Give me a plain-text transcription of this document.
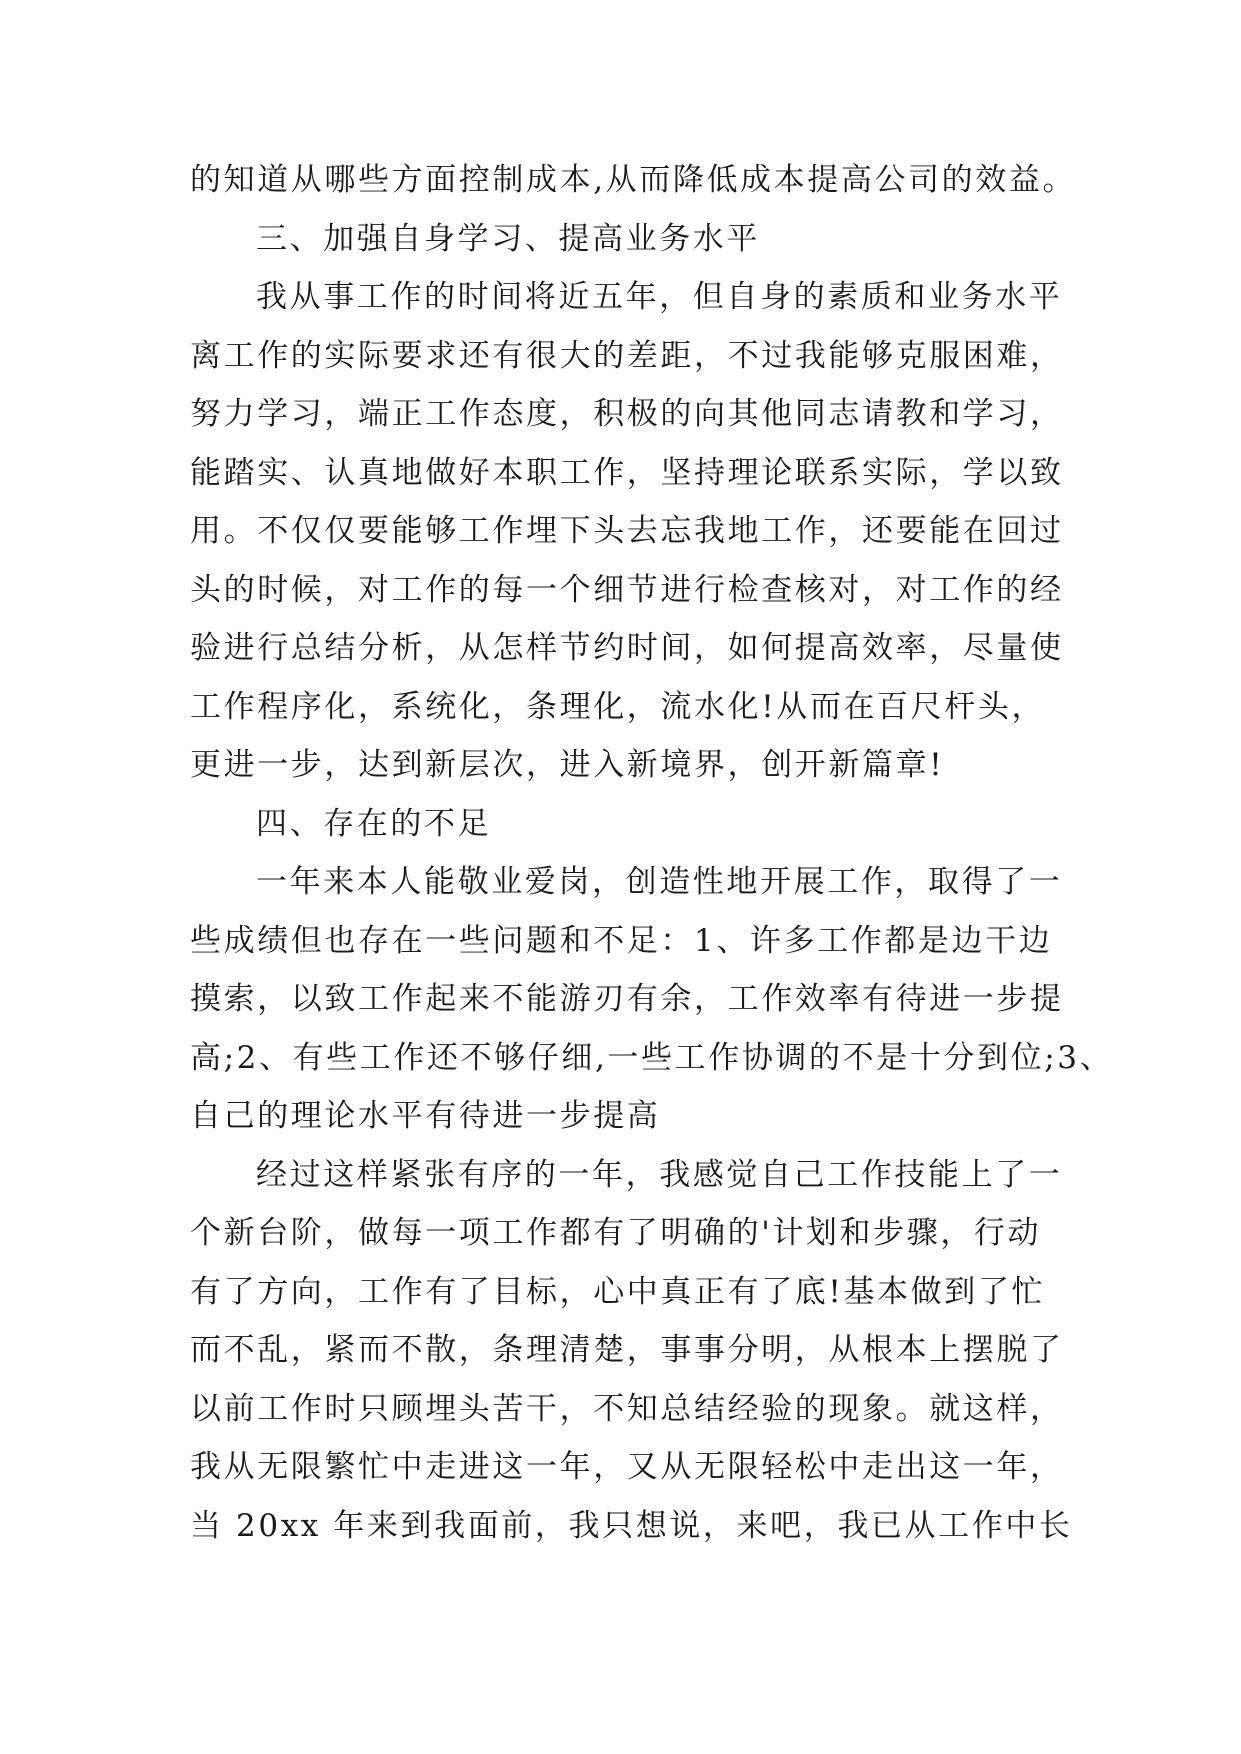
的知道从哪些方面控制成本,从而降低成本提高公司的效益。
三、加强自身学习、提高业务水平
我从事工作的时间将近五年，但自身的素质和业务水平
离工作的实际要求还有很大的差距，不过我能够克服困难，
努力学习，端正工作态度，积极的向其他同志请教和学习，
能踏实、认真地做好本职工作，坚持理论联系实际，学以致
用。不仅仅要能够工作埋下头去忘我地工作，还要能在回过
头的时候，对工作的每一个细节进行检查核对，对工作的经
验进行总结分析，从怎样节约时间，如何提高效率，尽量使
工作程序化，系统化，条理化，流水化!从而在百尺杆头，
更进一步，达到新层次，进入新境界，创开新篇章!
四、存在的不足
一年来本人能敬业爱岗，创造性地开展工作，取得了一
些成绩但也存在一些问题和不足：1、许多工作都是边干边
摸索，以致工作起来不能游刃有余，工作效率有待进一步提
高;2、有些工作还不够仔细,一些工作协调的不是十分到位;3、
自己的理论水平有待进一步提高
经过这样紧张有序的一年，我感觉自己工作技能上了一
个新台阶，做每一项工作都有了明确的'计划和步骤，行动
有了方向，工作有了目标，心中真正有了底!基本做到了忙
而不乱，紧而不散，条理清楚，事事分明，从根本上摆脱了
以前工作时只顾埋头苦干，不知总结经验的现象。就这样，
我从无限繁忙中走进这一年，又从无限轻松中走出这一年，
当 20xx 年来到我面前，我只想说，来吧，我已从工作中长
